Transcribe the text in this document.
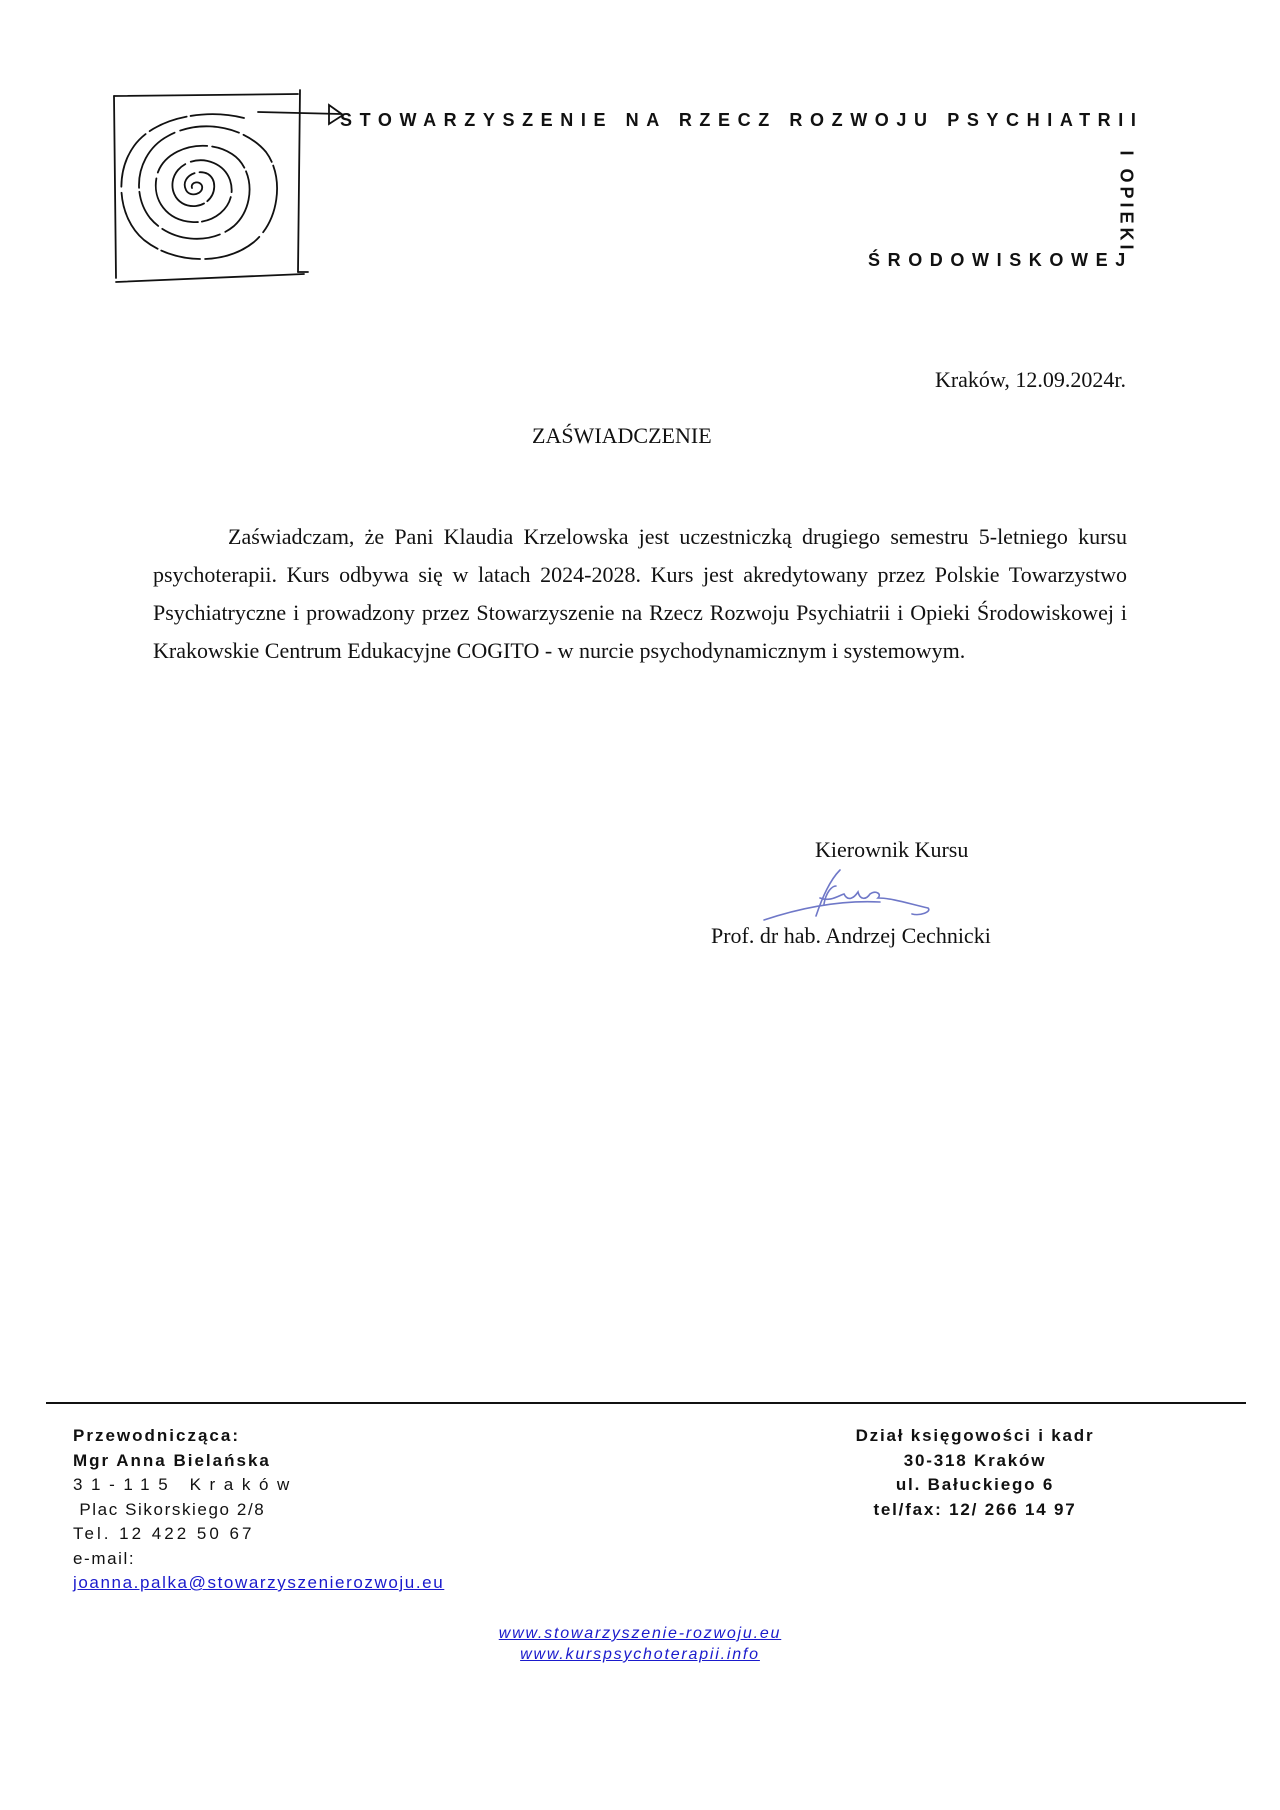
STOWARZYSZENIE NA RZECZ ROZWOJU PSYCHIATRII
I OPIEKI
ŚRODOWISKOWEJ
Kraków, 12.09.2024r.
ZAŚWIADCZENIE

Zaświadczam, że Pani Klaudia Krzelowska jest uczestniczką drugiego semestru 5-letniego kursu psychoterapii. Kurs odbywa się w latach 2024-2028. Kurs jest akredytowany przez Polskie Towarzystwo Psychiatryczne i prowadzony przez Stowarzyszenie na Rzecz Rozwoju Psychiatrii i Opieki Środowiskowej i Krakowskie Centrum Edukacyjne COGITO - w nurcie psychodynamicznym i systemowym.

Kierownik Kursu
Prof. dr hab. Andrzej Cechnicki
Przewodnicząca:
Mgr Anna Bielańska
31-115 Kraków
Plac Sikorskiego 2/8
Tel. 12 422 50 67
e-mail:
joanna.palka@stowarzyszenierozwoju.eu
Dział księgowości i kadr
30-318 Kraków
ul. Bałuckiego 6
tel/fax: 12/ 266 14 97
www.stowarzyszenie-rozwoju.eu
www.kurspsychoterapii.info
